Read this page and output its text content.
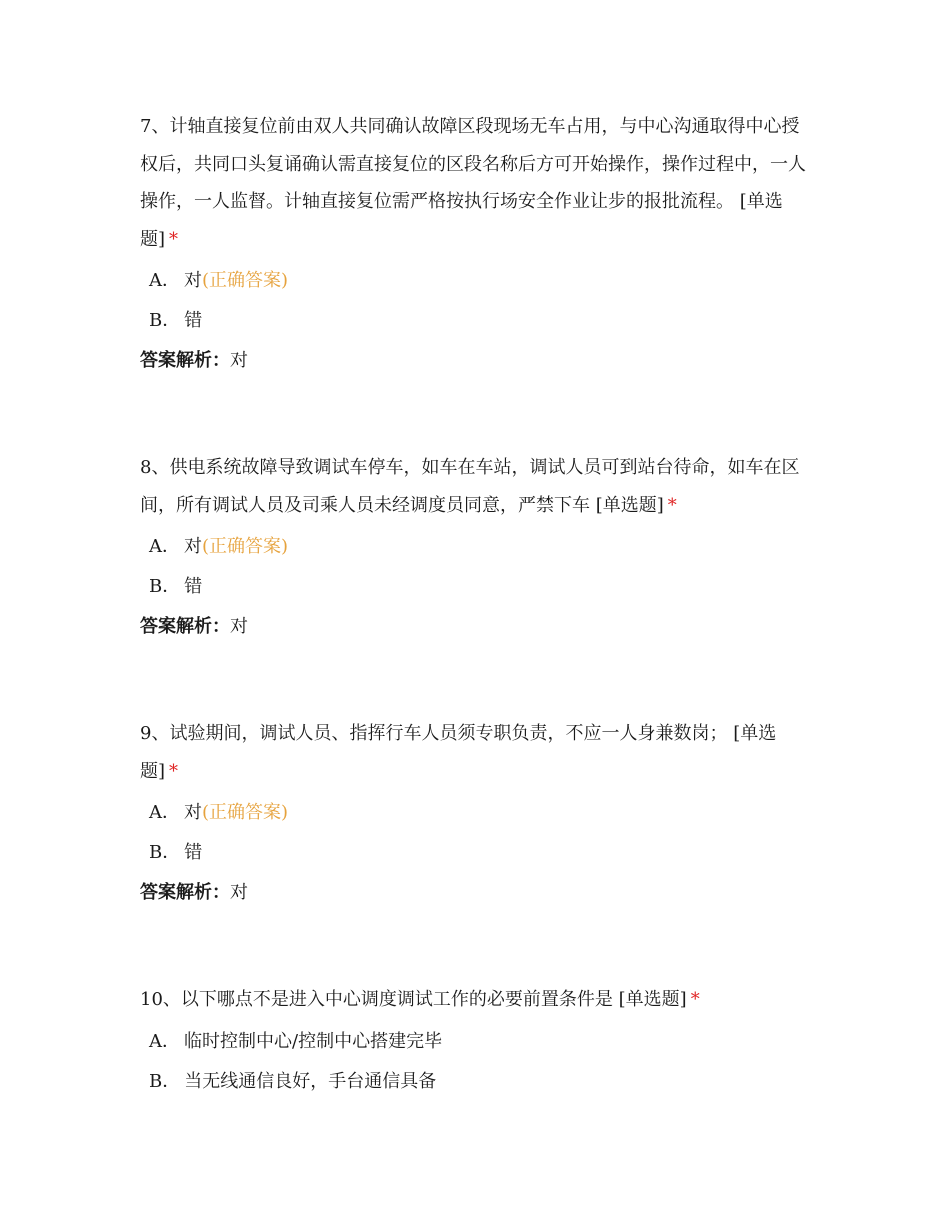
7、计轴直接复位前由双人共同确认故障区段现场无车占用，与中心沟通取得中心授权后，共同口头复诵确认需直接复位的区段名称后方可开始操作，操作过程中，一人操作，一人监督。计轴直接复位需严格按执行场安全作业让步的报批流程。 [单选题] *

A． 对(正确答案)
B． 错
答案解析：对

8、供电系统故障导致调试车停车，如车在车站，调试人员可到站台待命，如车在区间，所有调试人员及司乘人员未经调度员同意，严禁下车 [单选题] *

A． 对(正确答案)
B． 错
答案解析：对

9、试验期间，调试人员、指挥行车人员须专职负责，不应一人身兼数岗； [单选题] *

A． 对(正确答案)
B． 错
答案解析：对

10、以下哪点不是进入中心调度调试工作的必要前置条件是 [单选题] *

A． 临时控制中心/控制中心搭建完毕
B． 当无线通信良好，手台通信具备
